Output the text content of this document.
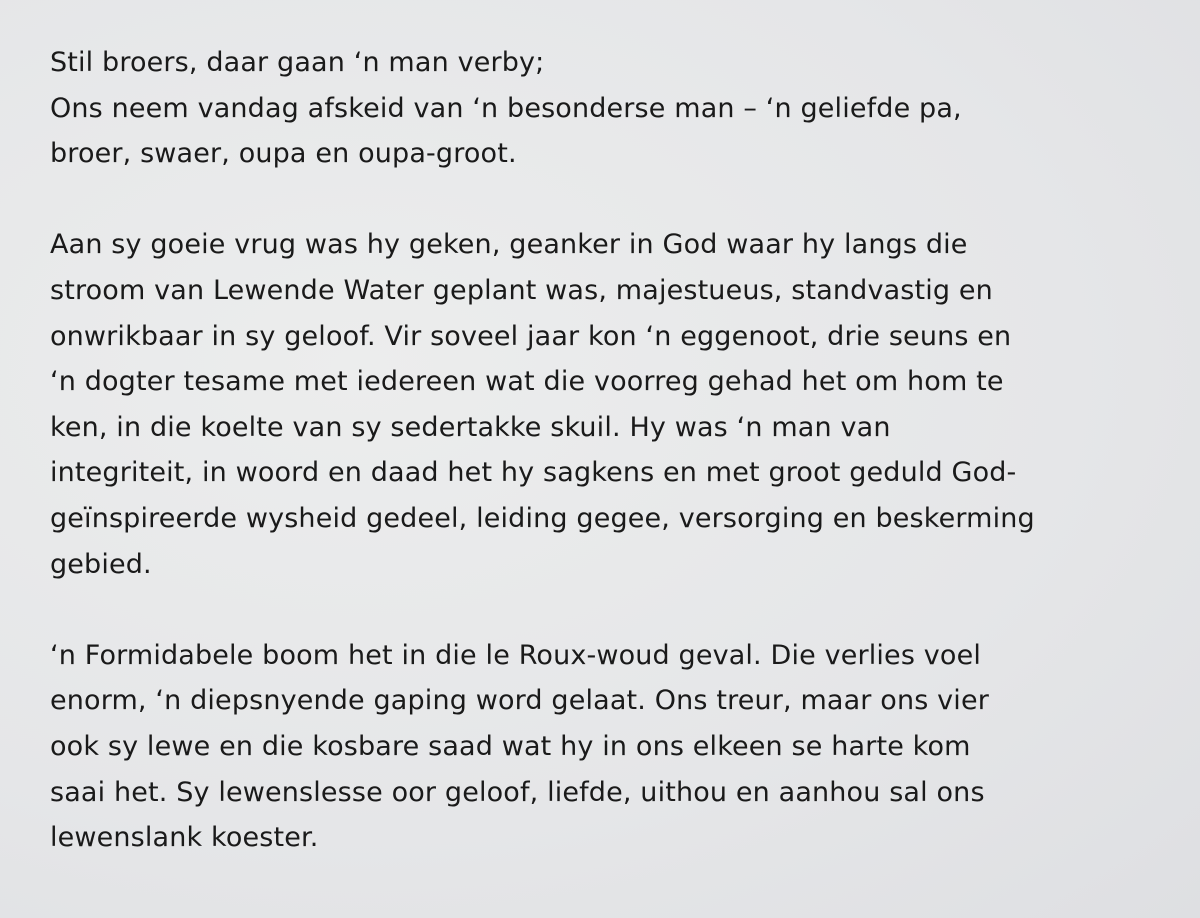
Stil broers, daar gaan ‘n man verby;
Ons neem vandag afskeid van ‘n besonderse man – ‘n geliefde pa,
broer, swaer, oupa en oupa-groot.
Aan sy goeie vrug was hy geken, geanker in God waar hy langs die
stroom van Lewende Water geplant was, majestueus, standvastig en
onwrikbaar in sy geloof. Vir soveel jaar kon ‘n eggenoot, drie seuns en
‘n dogter tesame met iedereen wat die voorreg gehad het om hom te
ken, in die koelte van sy sedertakke skuil. Hy was ‘n man van
integriteit, in woord en daad het hy sagkens en met groot geduld God-
geïnspireerde wysheid gedeel, leiding gegee, versorging en beskerming
gebied.
‘n Formidabele boom het in die le Roux-woud geval. Die verlies voel
enorm, ‘n diepsnyende gaping word gelaat. Ons treur, maar ons vier
ook sy lewe en die kosbare saad wat hy in ons elkeen se harte kom
saai het. Sy lewenslesse oor geloof, liefde, uithou en aanhou sal ons
lewenslank koester.
